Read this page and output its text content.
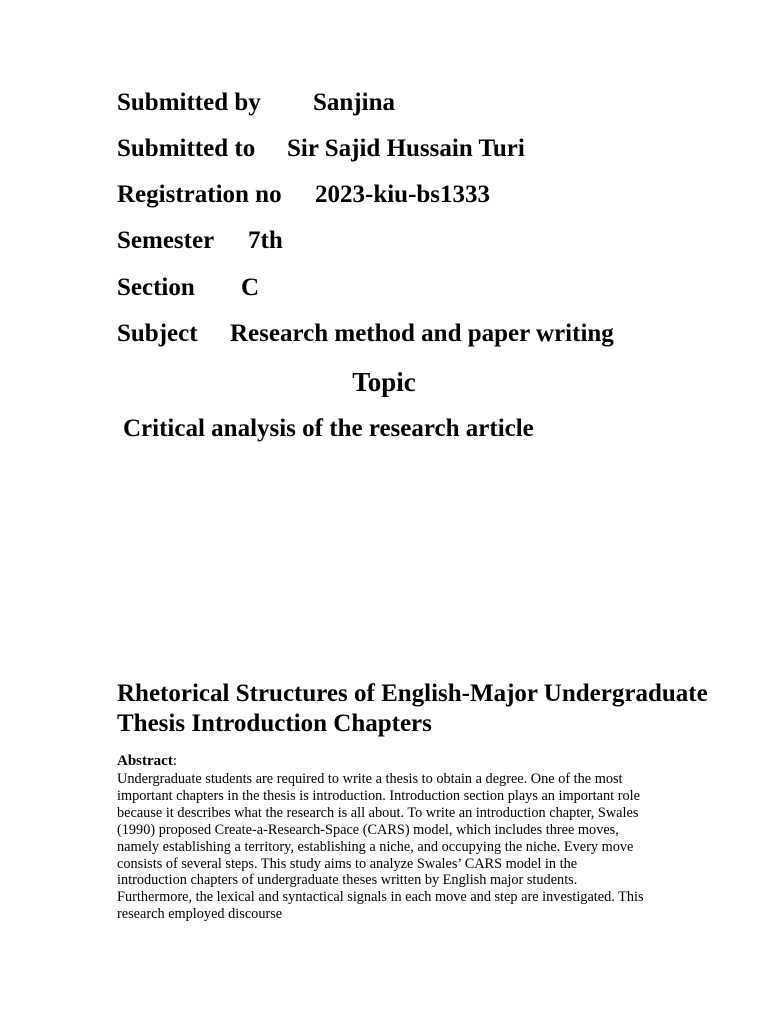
Submitted by Sanjina
Submitted to Sir Sajid Hussain Turi
Registration no 2023-kiu-bs1333
Semester 7th
Section C
Subject Research method and paper writing
Topic
Critical analysis of the research article
Rhetorical Structures of English-Major Undergraduate Thesis Introduction Chapters
Abstract:
Undergraduate students are required to write a thesis to obtain a degree. One of the most important chapters in the thesis is introduction. Introduction section plays an important role because it describes what the research is all about. To write an introduction chapter, Swales (1990) proposed Create-a-Research-Space (CARS) model, which includes three moves, namely establishing a territory, establishing a niche, and occupying the niche. Every move consists of several steps. This study aims to analyze Swales’ CARS model in the introduction chapters of undergraduate theses written by English major students. Furthermore, the lexical and syntactical signals in each move and step are investigated. This research employed discourse
